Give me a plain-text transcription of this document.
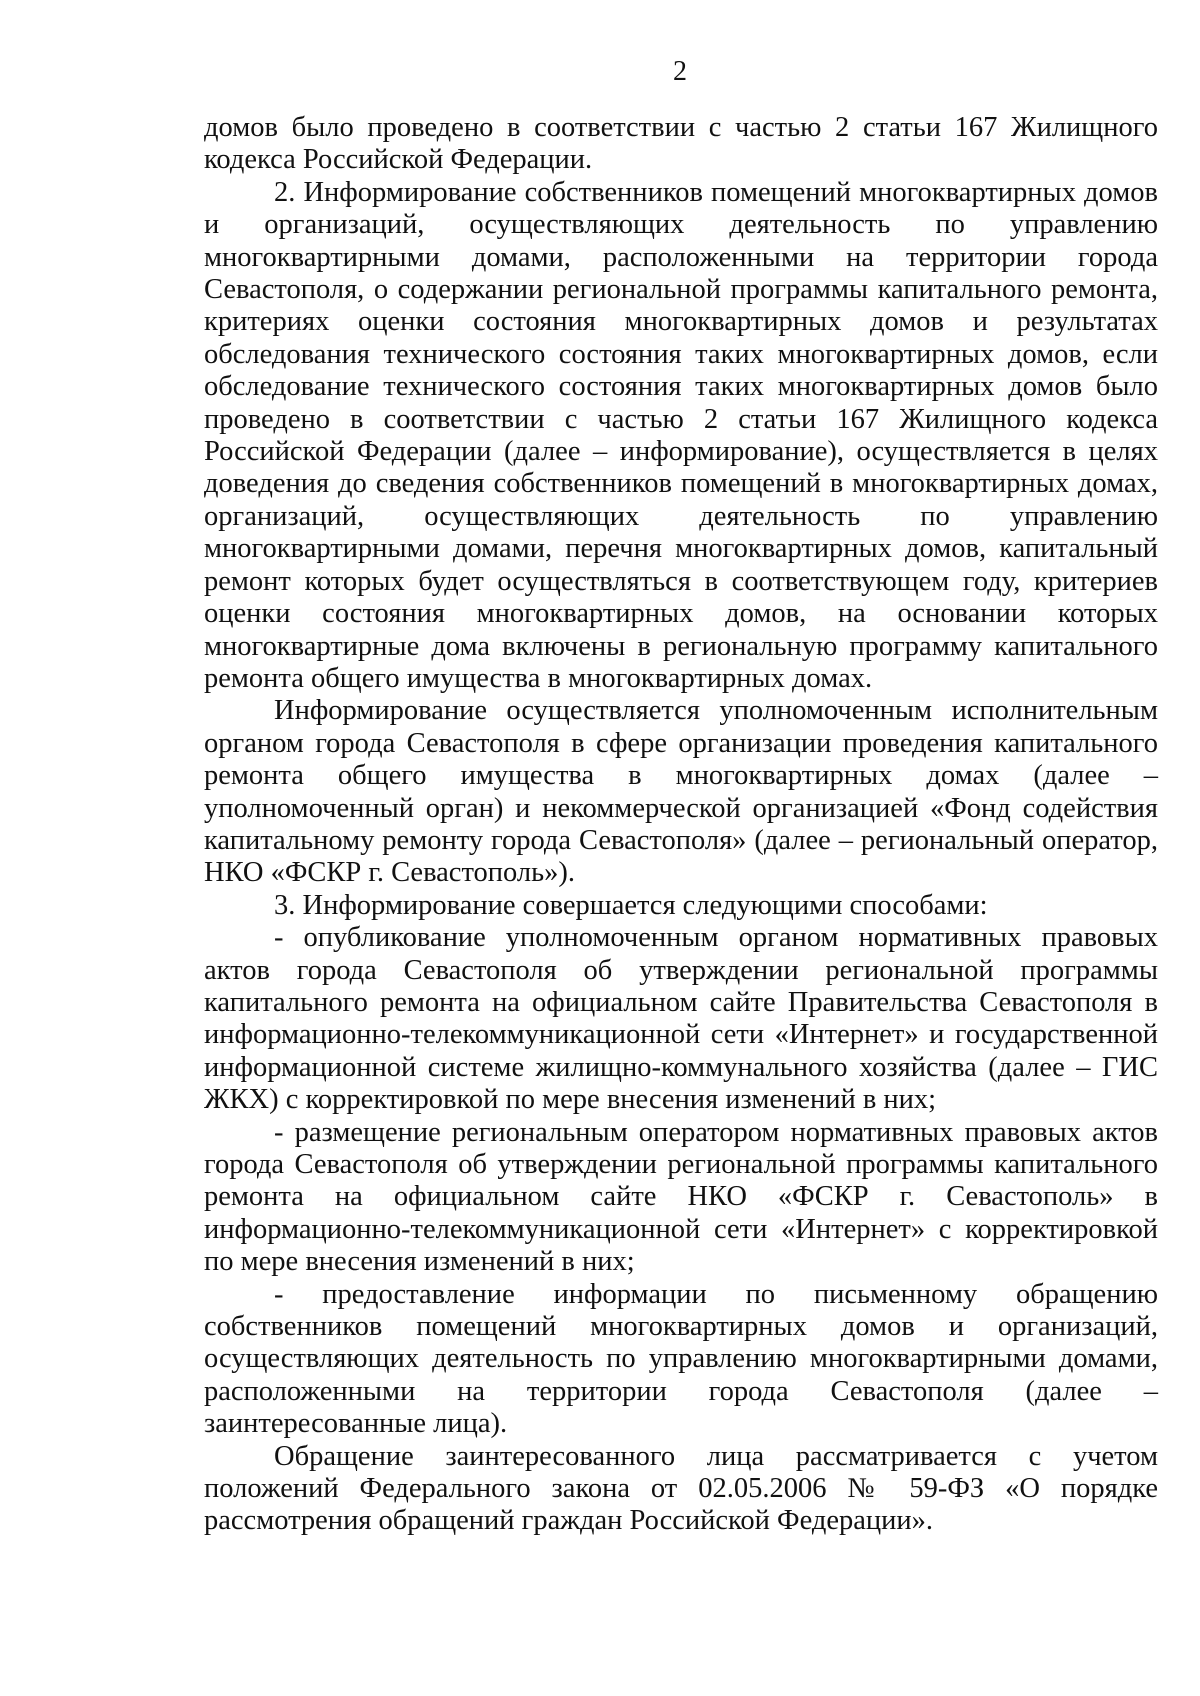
2

домов было проведено в соответствии с частью 2 статьи 167 Жилищного кодекса Российской Федерации.

2. Информирование собственников помещений многоквартирных домов и организаций, осуществляющих деятельность по управлению многоквартирными домами, расположенными на территории города Севастополя, о содержании региональной программы капитального ремонта, критериях оценки состояния многоквартирных домов и результатах обследования технического состояния таких многоквартирных домов, если обследование технического состояния таких многоквартирных домов было проведено в соответствии с частью 2 статьи 167 Жилищного кодекса Российской Федерации (далее – информирование), осуществляется в целях доведения до сведения собственников помещений в многоквартирных домах, организаций, осуществляющих деятельность по управлению многоквартирными домами, перечня многоквартирных домов, капитальный ремонт которых будет осуществляться в соответствующем году, критериев оценки состояния многоквартирных домов, на основании которых многоквартирные дома включены в региональную программу капитального ремонта общего имущества в многоквартирных домах.

Информирование осуществляется уполномоченным исполнительным органом города Севастополя в сфере организации проведения капитального ремонта общего имущества в многоквартирных домах (далее – уполномоченный орган) и некоммерческой организацией «Фонд содействия капитальному ремонту города Севастополя» (далее – региональный оператор, НКО «ФСКР г. Севастополь»).

3. Информирование совершается следующими способами:

- опубликование уполномоченным органом нормативных правовых актов города Севастополя об утверждении региональной программы капитального ремонта на официальном сайте Правительства Севастополя в информационно-телекоммуникационной сети «Интернет» и государственной информационной системе жилищно-коммунального хозяйства (далее – ГИС ЖКХ) с корректировкой по мере внесения изменений в них;

- размещение региональным оператором нормативных правовых актов города Севастополя об утверждении региональной программы капитального ремонта на официальном сайте НКО «ФСКР г. Севастополь» в информационно-телекоммуникационной сети «Интернет» с корректировкой по мере внесения изменений в них;

- предоставление информации по письменному обращению собственников помещений многоквартирных домов и организаций, осуществляющих деятельность по управлению многоквартирными домами, расположенными на территории города Севастополя (далее – заинтересованные лица).

Обращение заинтересованного лица рассматривается с учетом положений Федерального закона от 02.05.2006 № 59-ФЗ «О порядке рассмотрения обращений граждан Российской Федерации».
